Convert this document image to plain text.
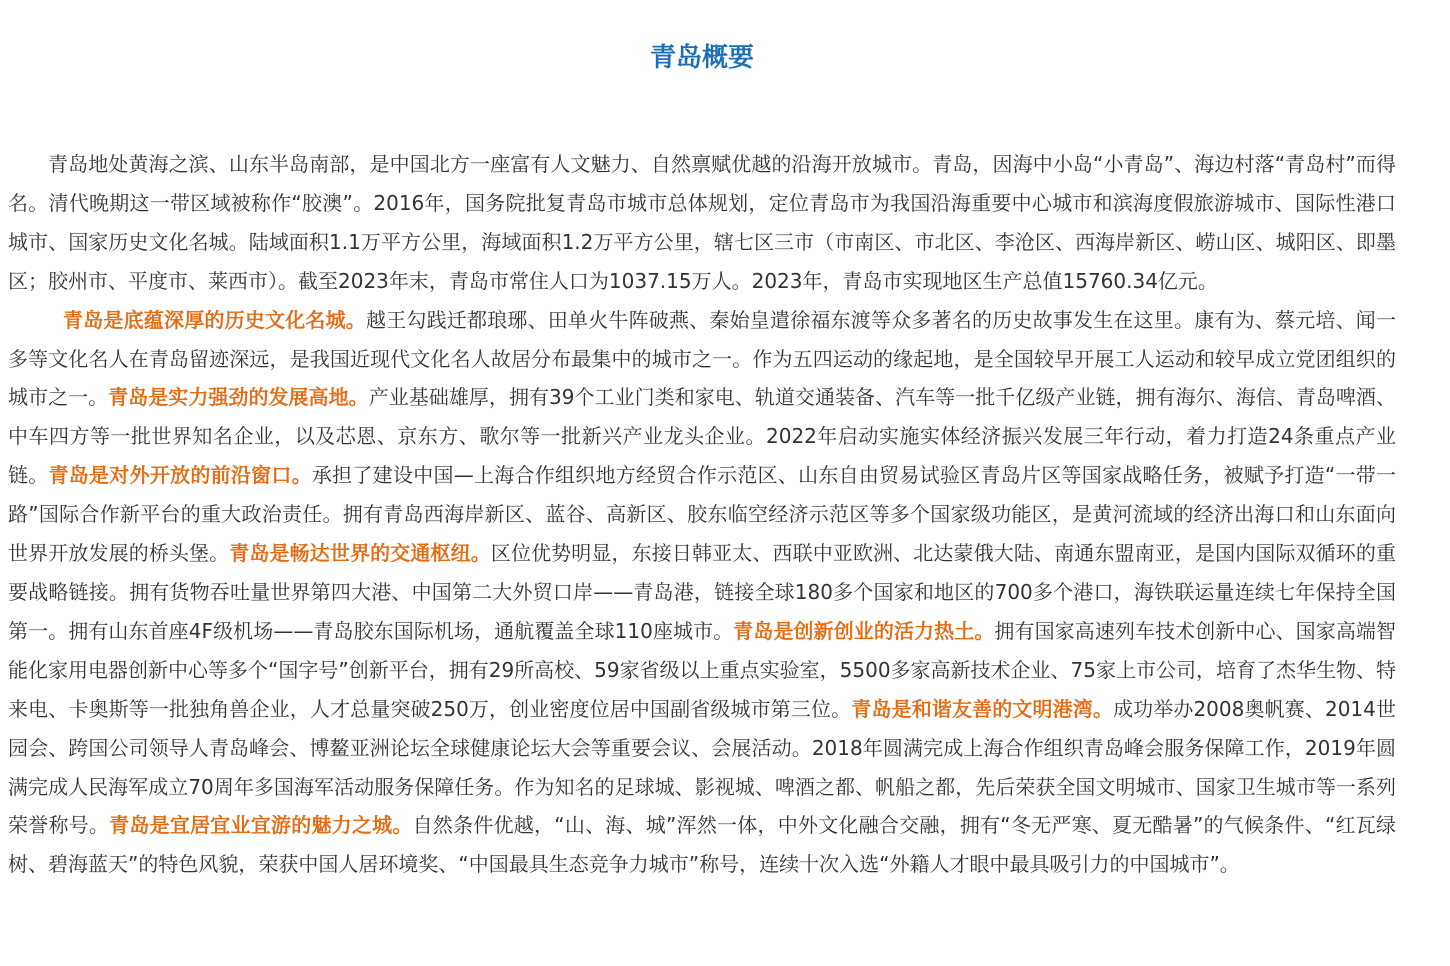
青岛概要

青岛地处黄海之滨、山东半岛南部，是中国北方一座富有人文魅力、自然禀赋优越的沿海开放城市。青岛，因海中小岛“小青岛”、海边村落“青岛村”而得名。清代晚期这一带区域被称作“胶澳”。2016年，国务院批复青岛市城市总体规划，定位青岛市为我国沿海重要中心城市和滨海度假旅游城市、国际性港口城市、国家历史文化名城。陆域面积1.1万平方公里，海域面积1.2万平方公里，辖七区三市（市南区、市北区、李沧区、西海岸新区、崂山区、城阳区、即墨区；胶州市、平度市、莱西市）。截至2023年末，青岛市常住人口为1037.15万人。2023年，青岛市实现地区生产总值15760.34亿元。

青岛是底蕴深厚的历史文化名城。越王勾践迁都琅琊、田单火牛阵破燕、秦始皇遣徐福东渡等众多著名的历史故事发生在这里。康有为、蔡元培、闻一多等文化名人在青岛留迹深远，是我国近现代文化名人故居分布最集中的城市之一。作为五四运动的缘起地，是全国较早开展工人运动和较早成立党团组织的城市之一。青岛是实力强劲的发展高地。产业基础雄厚，拥有39个工业门类和家电、轨道交通装备、汽车等一批千亿级产业链，拥有海尔、海信、青岛啤酒、中车四方等一批世界知名企业，以及芯恩、京东方、歌尔等一批新兴产业龙头企业。2022年启动实施实体经济振兴发展三年行动，着力打造24条重点产业链。青岛是对外开放的前沿窗口。承担了建设中国—上海合作组织地方经贸合作示范区、山东自由贸易试验区青岛片区等国家战略任务，被赋予打造“一带一路”国际合作新平台的重大政治责任。拥有青岛西海岸新区、蓝谷、高新区、胶东临空经济示范区等多个国家级功能区，是黄河流域的经济出海口和山东面向世界开放发展的桥头堡。青岛是畅达世界的交通枢纽。区位优势明显，东接日韩亚太、西联中亚欧洲、北达蒙俄大陆、南通东盟南亚，是国内国际双循环的重要战略链接。拥有货物吞吐量世界第四大港、中国第二大外贸口岸——青岛港，链接全球180多个国家和地区的700多个港口，海铁联运量连续七年保持全国第一。拥有山东首座4F级机场——青岛胶东国际机场，通航覆盖全球110座城市。青岛是创新创业的活力热土。拥有国家高速列车技术创新中心、国家高端智能化家用电器创新中心等多个“国字号”创新平台，拥有29所高校、59家省级以上重点实验室，5500多家高新技术企业、75家上市公司，培育了杰华生物、特来电、卡奥斯等一批独角兽企业，人才总量突破250万，创业密度位居中国副省级城市第三位。青岛是和谐友善的文明港湾。成功举办2008奥帆赛、2014世园会、跨国公司领导人青岛峰会、博鳌亚洲论坛全球健康论坛大会等重要会议、会展活动。2018年圆满完成上海合作组织青岛峰会服务保障工作，2019年圆满完成人民海军成立70周年多国海军活动服务保障任务。作为知名的足球城、影视城、啤酒之都、帆船之都，先后荣获全国文明城市、国家卫生城市等一系列荣誉称号。青岛是宜居宜业宜游的魅力之城。自然条件优越，“山、海、城”浑然一体，中外文化融合交融，拥有“冬无严寒、夏无酷暑”的气候条件、“红瓦绿树、碧海蓝天”的特色风貌，荣获中国人居环境奖、“中国最具生态竞争力城市”称号，连续十次入选“外籍人才眼中最具吸引力的中国城市”。
